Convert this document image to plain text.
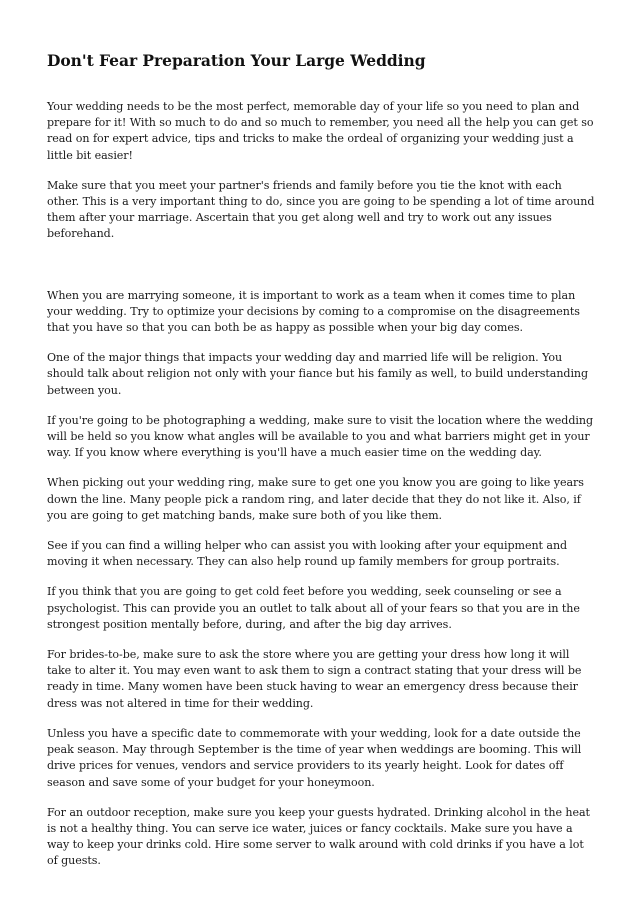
Don't Fear Preparation Your Large Wedding

Your wedding needs to be the most perfect, memorable day of your life so you need to plan and prepare for it! With so much to do and so much to remember, you need all the help you can get so read on for expert advice, tips and tricks to make the ordeal of organizing your wedding just a little bit easier!

Make sure that you meet your partner's friends and family before you tie the knot with each other. This is a very important thing to do, since you are going to be spending a lot of time around them after your marriage. Ascertain that you get along well and try to work out any issues beforehand.

When you are marrying someone, it is important to work as a team when it comes time to plan your wedding. Try to optimize your decisions by coming to a compromise on the disagreements that you have so that you can both be as happy as possible when your big day comes.

One of the major things that impacts your wedding day and married life will be religion. You should talk about religion not only with your fiance but his family as well, to build understanding between you.

If you're going to be photographing a wedding, make sure to visit the location where the wedding will be held so you know what angles will be available to you and what barriers might get in your way. If you know where everything is you'll have a much easier time on the wedding day.

When picking out your wedding ring, make sure to get one you know you are going to like years down the line. Many people pick a random ring, and later decide that they do not like it. Also, if you are going to get matching bands, make sure both of you like them.

See if you can find a willing helper who can assist you with looking after your equipment and moving it when necessary. They can also help round up family members for group portraits.

If you think that you are going to get cold feet before you wedding, seek counseling or see a psychologist. This can provide you an outlet to talk about all of your fears so that you are in the strongest position mentally before, during, and after the big day arrives.

For brides-to-be, make sure to ask the store where you are getting your dress how long it will take to alter it. You may even want to ask them to sign a contract stating that your dress will be ready in time. Many women have been stuck having to wear an emergency dress because their dress was not altered in time for their wedding.

Unless you have a specific date to commemorate with your wedding, look for a date outside the peak season. May through September is the time of year when weddings are booming. This will drive prices for venues, vendors and service providers to its yearly height. Look for dates off season and save some of your budget for your honeymoon.

For an outdoor reception, make sure you keep your guests hydrated. Drinking alcohol in the heat is not a healthy thing. You can serve ice water, juices or fancy cocktails. Make sure you have a way to keep your drinks cold. Hire some server to walk around with cold drinks if you have a lot of guests.
